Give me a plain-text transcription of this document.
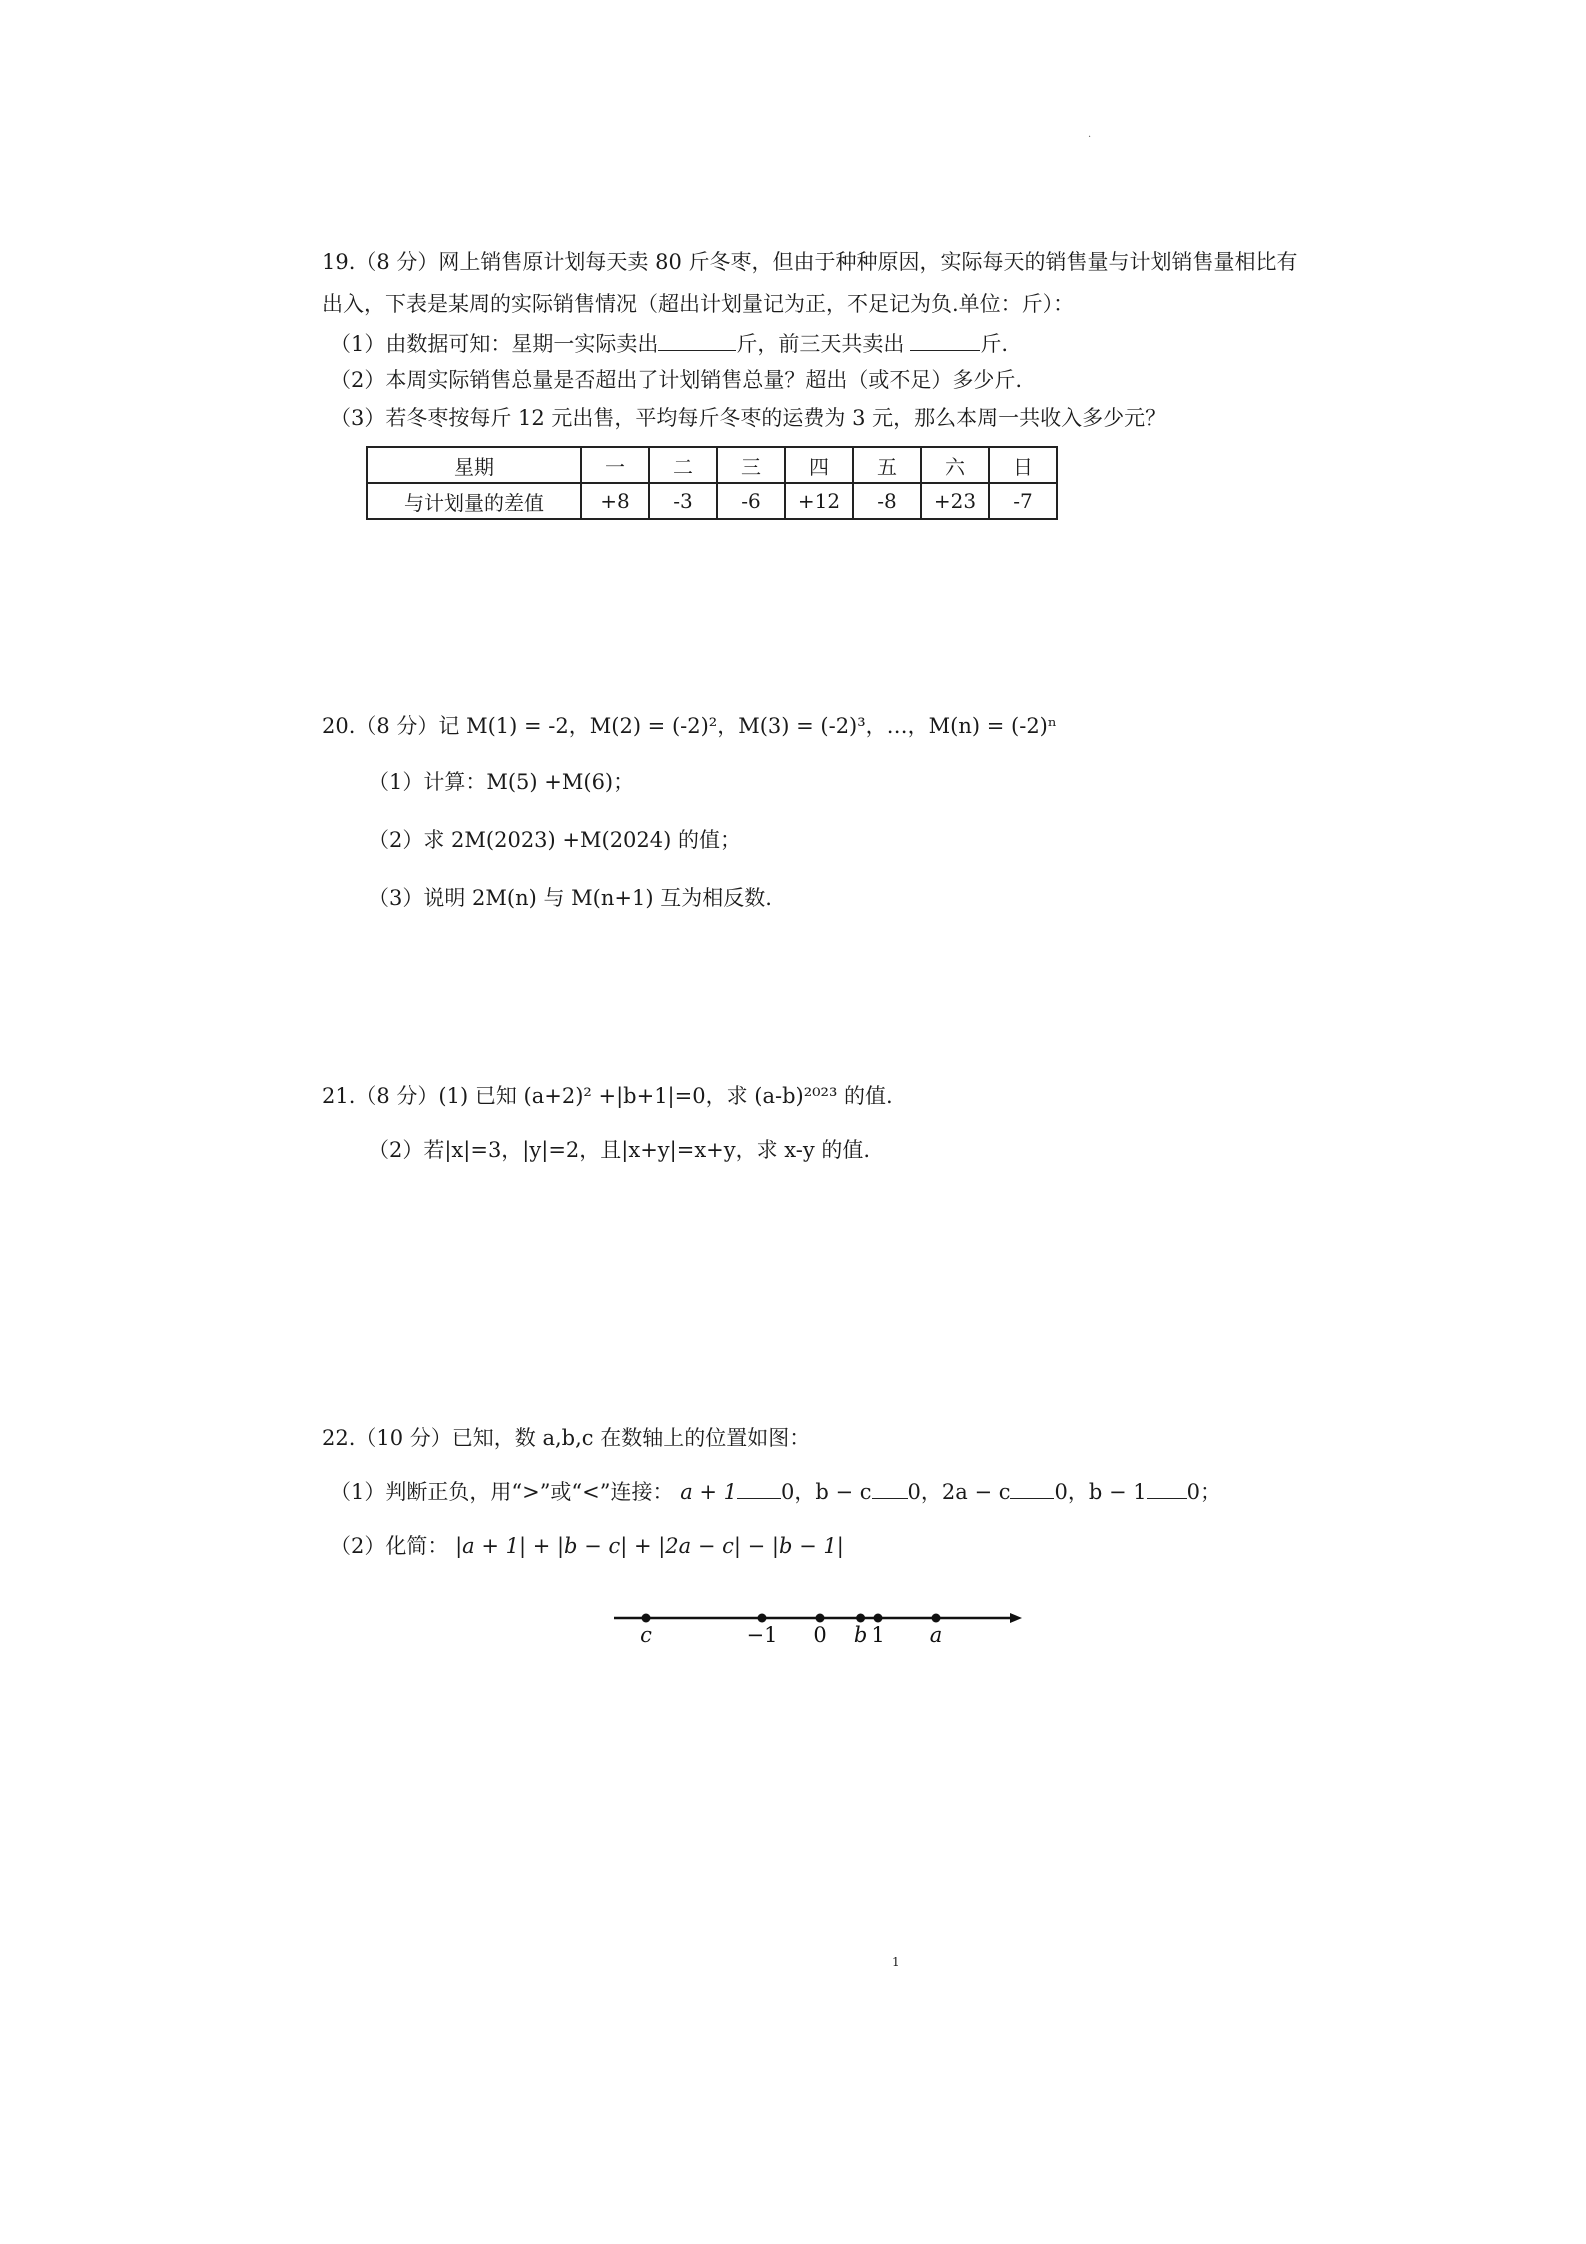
·
19.（8 分）网上销售原计划每天卖 80 斤冬枣，但由于种种原因，实际每天的销售量与计划销售量相比有
出入，下表是某周的实际销售情况（超出计划量记为正，不足记为负.单位：斤）：
（1）由数据可知：星期一实际卖出	斤，前三天共卖出	斤.
（2）本周实际销售总量是否超出了计划销售总量？超出（或不足）多少斤.
（3）若冬枣按每斤 12 元出售，平均每斤冬枣的运费为 3 元，那么本周一共收入多少元？
星期	一	二	三	四	五	六	日
与计划量的差值	+8	-3	-6	+12	-8	+23	-7
20.（8 分）记 M(1) = -2，M(2) = (-2)²，M(3) = (-2)³，…，M(n) = (-2)ⁿ
（1）计算：M(5) +M(6)；
（2）求 2M(2023) +M(2024) 的值；
（3）说明 2M(n) 与 M(n+1) 互为相反数.
21.（8 分）(1) 已知 (a+2)² +|b+1|=0，求 (a-b)²⁰²³ 的值.
（2）若|x|=3，|y|=2，且|x+y|=x+y，求 x-y 的值.
22.（10 分）已知，数 a,b,c 在数轴上的位置如图：
（1）判断正负，用“>”或“<”连接： a + 1 0，b − c 0，2a − c 0，b − 1 0；
（2）化简： |a + 1| + |b − c| + |2a − c| − |b − 1|
c	−1 0 b 1 a
1
